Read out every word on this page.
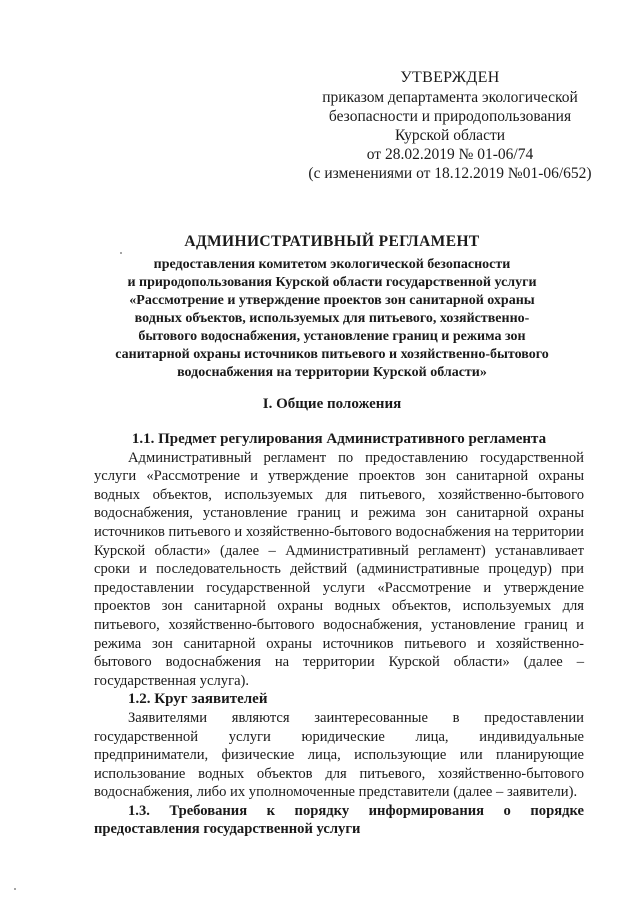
УТВЕРЖДЕН
приказом департамента экологической
безопасности и природопользования
Курской области
от 28.02.2019 № 01-06/74
(с изменениями от 18.12.2019 №01-06/652)
АДМИНИСТРАТИВНЫЙ РЕГЛАМЕНТ
предоставления комитетом экологической безопасности
и природопользования Курской области государственной услуги
«Рассмотрение и утверждение проектов зон санитарной охраны
водных объектов, используемых для питьевого, хозяйственно-
бытового водоснабжения, установление границ и режима зон
санитарной охраны источников питьевого и хозяйственно-бытового
водоснабжения на территории Курской области»
I. Общие положения
1.1. Предмет регулирования Административного регламента

Административный регламент по предоставлению государственной услуги «Рассмотрение и утверждение проектов зон санитарной охраны водных объектов, используемых для питьевого, хозяйственно-бытового водоснабжения, установление границ и режима зон санитарной охраны источников питьевого и хозяйственно-бытового водоснабжения на территории Курской области» (далее – Административный регламент) устанавливает сроки и последовательность действий (административные процедур) при предоставлении государственной услуги «Рассмотрение и утверждение проектов зон санитарной охраны водных объектов, используемых для питьевого, хозяйственно-бытового водоснабжения, установление границ и режима зон санитарной охраны источников питьевого и хозяйственно-бытового водоснабжения на территории Курской области» (далее – государственная услуга).

1.2. Круг заявителей

Заявителями являются заинтересованные в предоставлении государственной услуги юридические лица, индивидуальные предприниматели, физические лица, использующие или планирующие использование водных объектов для питьевого, хозяйственно-бытового водоснабжения, либо их уполномоченные представители (далее – заявители).

1.3. Требования к порядку информирования о порядке предоставления государственной услуги
